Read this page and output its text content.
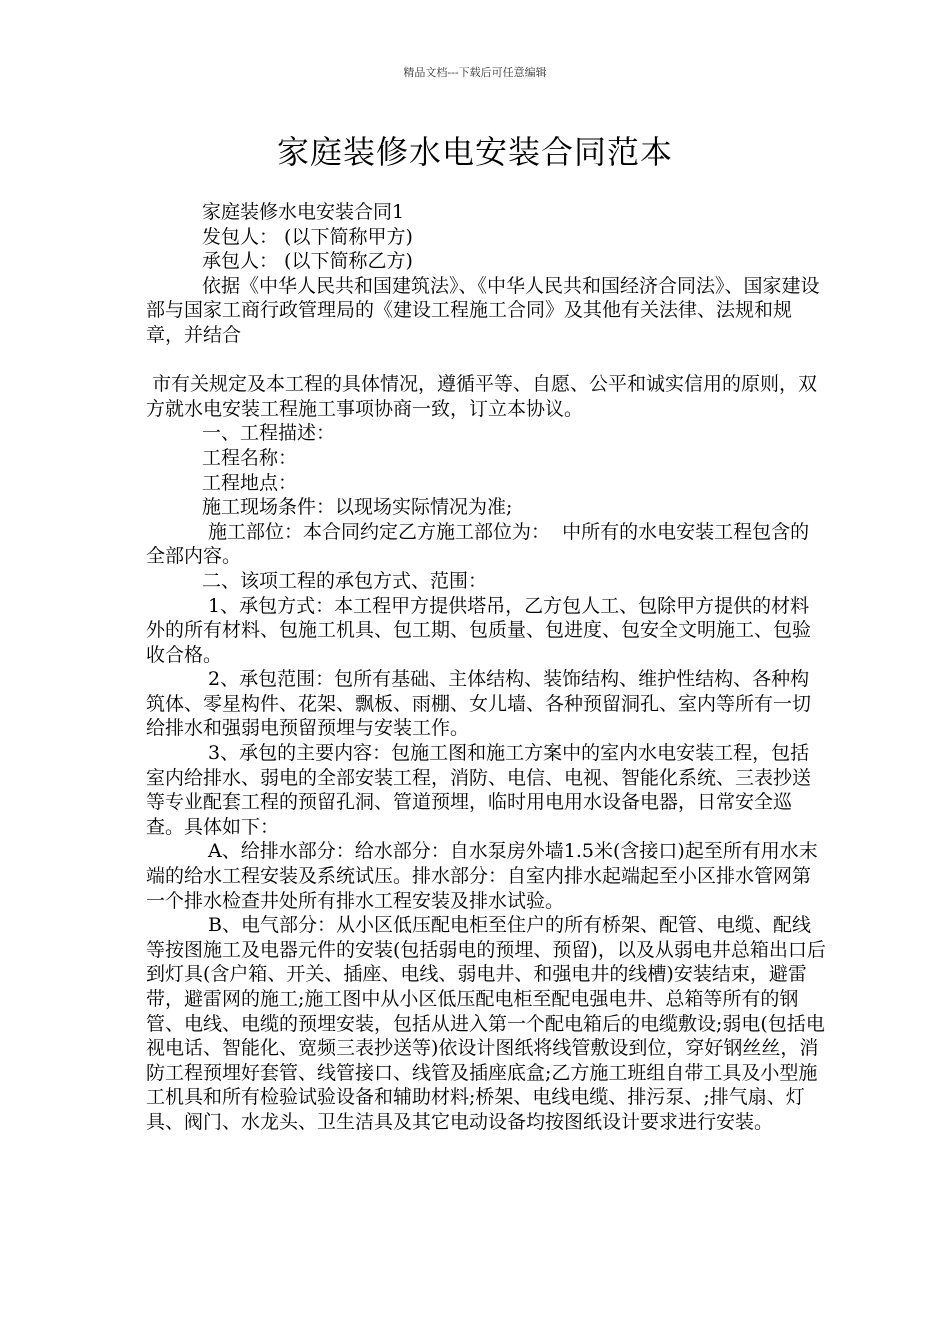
精品文档---下载后可任意编辑
家庭装修水电安装合同范本

家庭装修水电安装合同1

发包人： (以下简称甲方)

承包人： (以下简称乙方)

依据《中华人民共和国建筑法》、《中华人民共和国经济合同法》、国家建设部与国家工商行政管理局的《建设工程施工合同》及其他有关法律、法规和规章，并结合

市有关规定及本工程的具体情况，遵循平等、自愿、公平和诚实信用的原则，双方就水电安装工程施工事项协商一致，订立本协议。

一、工程描述：

工程名称：

工程地点：

施工现场条件：以现场实际情况为准;

施工部位：本合同约定乙方施工部位为：  中所有的水电安装工程包含的全部内容。

二、该项工程的承包方式、范围：

1、承包方式：本工程甲方提供塔吊，乙方包人工、包除甲方提供的材料外的所有材料、包施工机具、包工期、包质量、包进度、包安全文明施工、包验收合格。

2、承包范围：包所有基础、主体结构、装饰结构、维护性结构、各种构筑体、零星构件、花架、飘板、雨棚、女儿墙、各种预留洞孔、室内等所有一切给排水和强弱电预留预埋与安装工作。

3、承包的主要内容：包施工图和施工方案中的室内水电安装工程，包括室内给排水、弱电的全部安装工程，消防、电信、电视、智能化系统、三表抄送等专业配套工程的预留孔洞、管道预埋，临时用电用水设备电器，日常安全巡查。具体如下：

A、给排水部分：给水部分：自水泵房外墙1.5米(含接口)起至所有用水末端的给水工程安装及系统试压。排水部分：自室内排水起端起至小区排水管网第一个排水检查井处所有排水工程安装及排水试验。

B、电气部分：从小区低压配电柜至住户的所有桥架、配管、电缆、配线等按图施工及电器元件的安装(包括弱电的预埋、预留)，以及从弱电井总箱出口后到灯具(含户箱、开关、插座、电线、弱电井、和强电井的线槽)安装结束，避雷带，避雷网的施工;施工图中从小区低压配电柜至配电强电井、总箱等所有的钢管、电线、电缆的预埋安装，包括从进入第一个配电箱后的电缆敷设;弱电(包括电视电话、智能化、宽频三表抄送等)依设计图纸将线管敷设到位，穿好钢丝丝，消防工程预埋好套管、线管接口、线管及插座底盒;乙方施工班组自带工具及小型施工机具和所有检验试验设备和辅助材料;桥架、电线电缆、排污泵、;排气扇、灯具、阀门、水龙头、卫生洁具及其它电动设备均按图纸设计要求进行安装。
